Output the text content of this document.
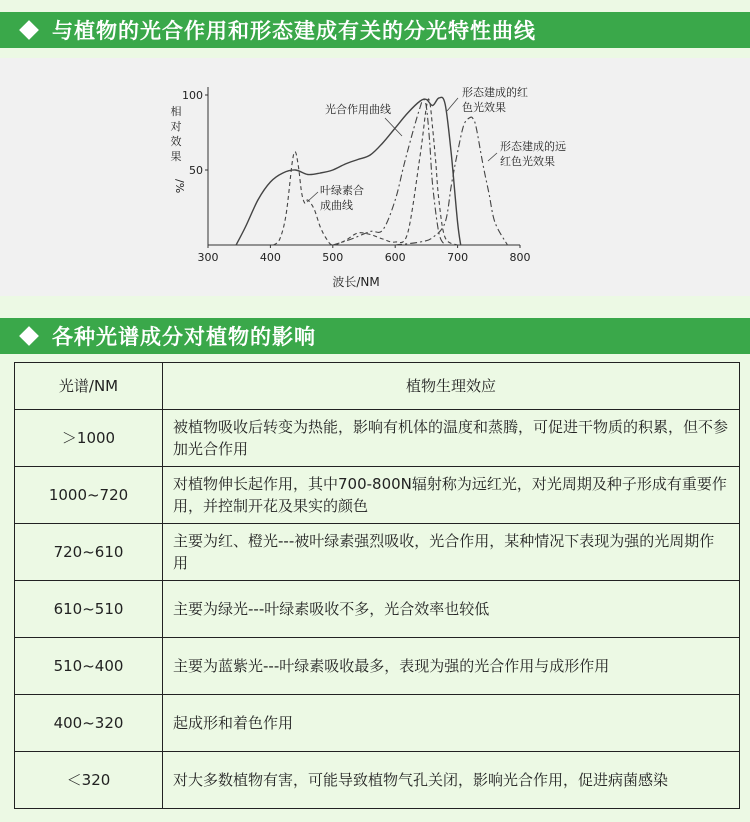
与植物的光合作用和形态建成有关的分光特性曲线
300	400	500	600	700	800
50
100
波长/NM
相
对
效
果
/%
光合作用曲线
形态建成的红
色光效果
形态建成的远
红色光效果
叶绿素合
成曲线
各种光谱成分对植物的影响
光谱/NM	植物生理效应
＞1000	被植物吸收后转变为热能，影响有机体的温度和蒸腾，可促进干物质的积累，但不参加光合作用
1000~720	对植物伸长起作用，其中700-800N辐射称为远红光，对光周期及种子形成有重要作用，并控制开花及果实的颜色
720~610	主要为红、橙光---被叶绿素强烈吸收，光合作用，某种情况下表现为强的光周期作用
610~510	主要为绿光---叶绿素吸收不多，光合效率也较低
510~400	主要为蓝紫光---叶绿素吸收最多，表现为强的光合作用与成形作用
400~320	起成形和着色作用
＜320	对大多数植物有害，可能导致植物气孔关闭，影响光合作用，促进病菌感染
